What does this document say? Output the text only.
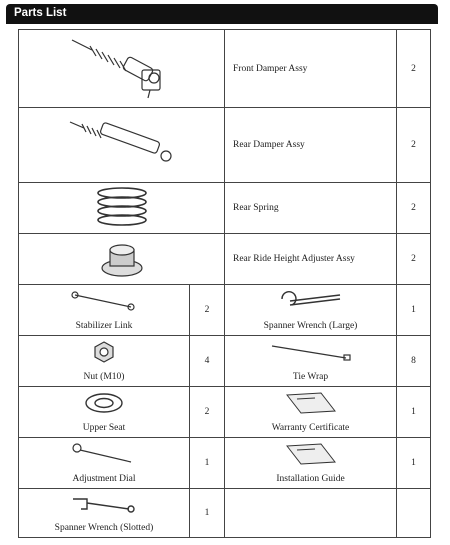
Parts List
	Front Damper Assy	2
	Rear Damper Assy	2
	Rear Spring	2
	Rear Ride Height Adjuster Assy	2

Stabilizer Link	2	Spanner Wrench (Large)	1

Nut (M10)	4	Tie Wrap	8

Upper Seat	2	Warranty Certificate	1

Adjustment Dial	1	Installation Guide	1

Spanner Wrench (Slotted)	1		
